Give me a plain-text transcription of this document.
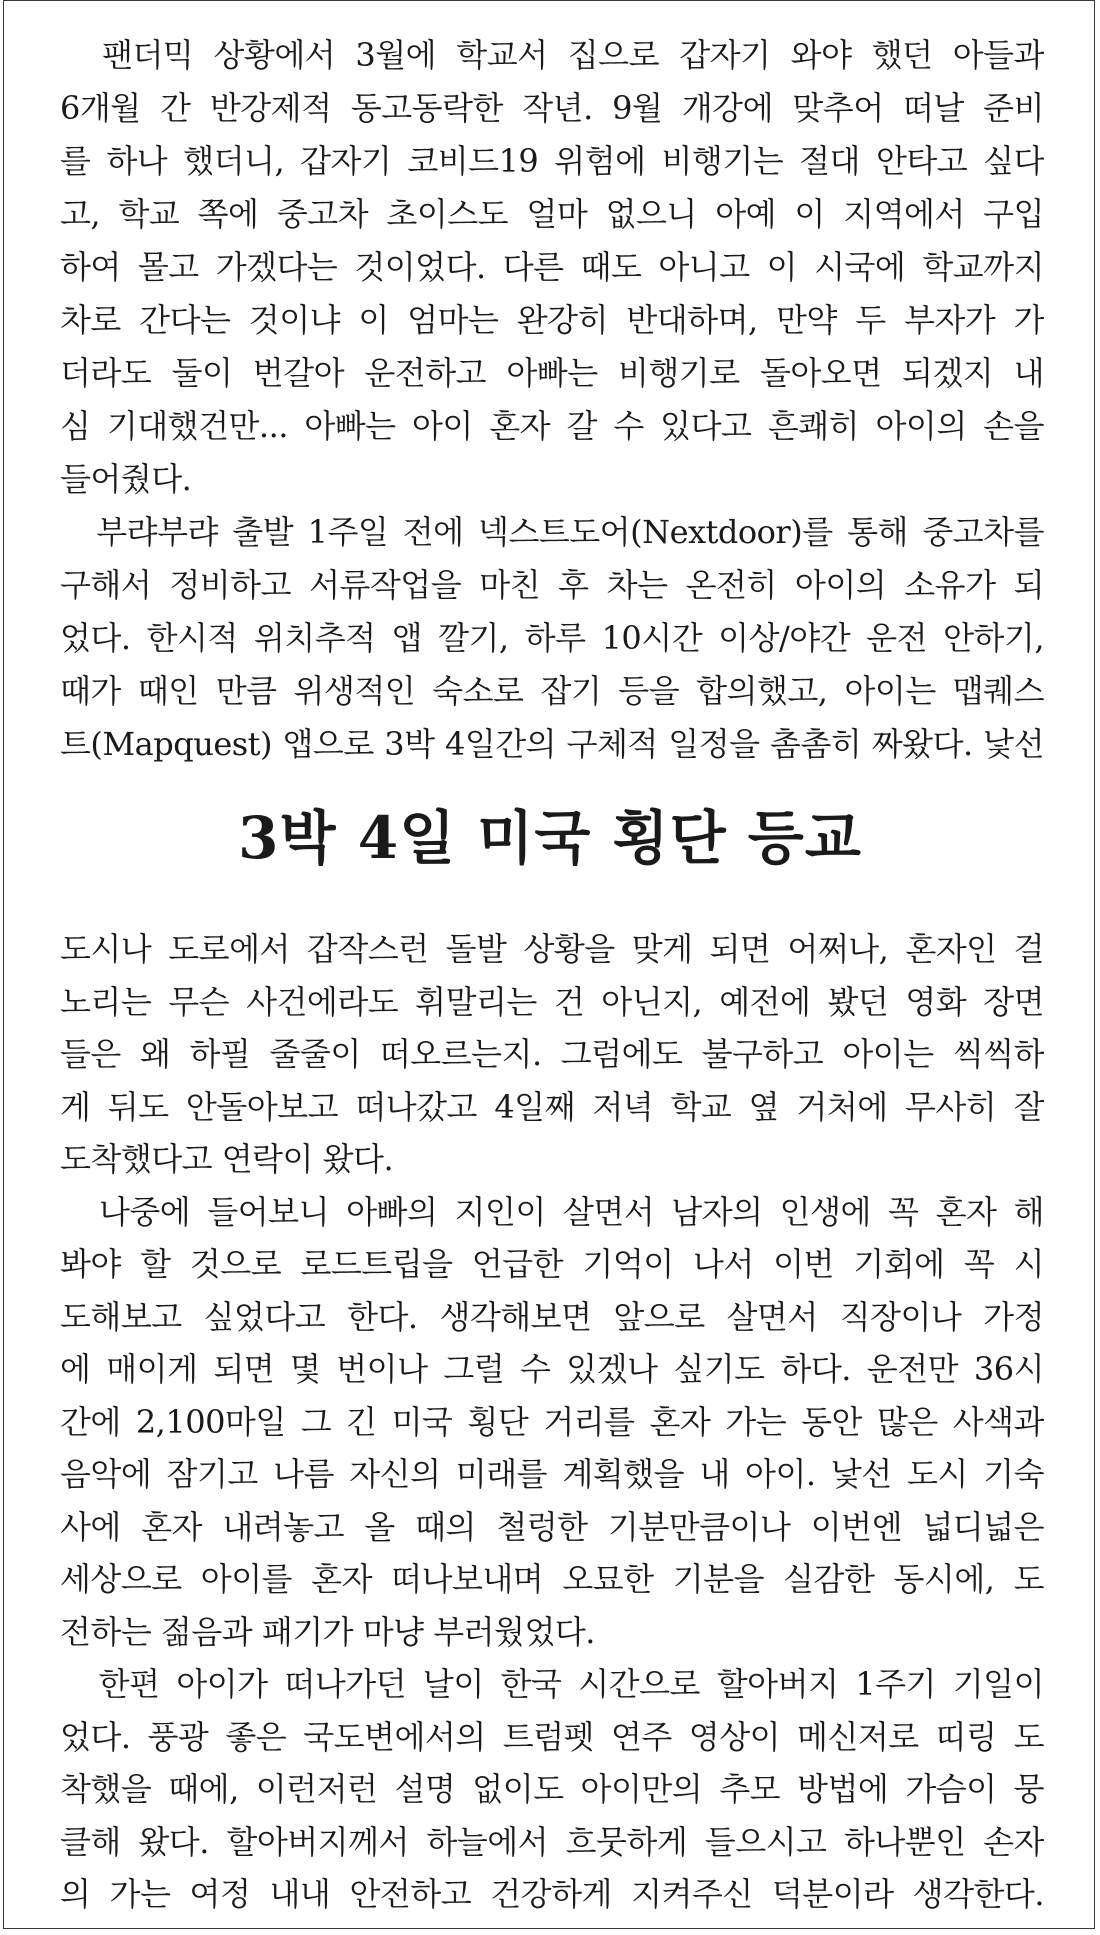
　팬더믹 상황에서 3월에 학교서 집으로 갑자기 와야 했던 아들과
6개월 간 반강제적 동고동락한 작년. 9월 개강에 맞추어 떠날 준비
를 하나 했더니, 갑자기 코비드19 위험에 비행기는 절대 안타고 싶다
고, 학교 쪽에 중고차 초이스도 얼마 없으니 아예 이 지역에서 구입
하여 몰고 가겠다는 것이었다. 다른 때도 아니고 이 시국에 학교까지
차로 간다는 것이냐 이 엄마는 완강히 반대하며, 만약 두 부자가 가
더라도 둘이 번갈아 운전하고 아빠는 비행기로 돌아오면 되겠지 내
심 기대했건만... 아빠는 아이 혼자 갈 수 있다고 흔쾌히 아이의 손을
들어줬다.
　부랴부랴 출발 1주일 전에 넥스트도어(Nextdoor)를 통해 중고차를
구해서 정비하고 서류작업을 마친 후 차는 온전히 아이의 소유가 되
었다. 한시적 위치추적 앱 깔기, 하루 10시간 이상/야간 운전 안하기,
때가 때인 만큼 위생적인 숙소로 잡기 등을 합의했고, 아이는 맵퀘스
트(Mapquest) 앱으로 3박 4일간의 구체적 일정을 촘촘히 짜왔다. 낯선
3박 4일 미국 횡단 등교
도시나 도로에서 갑작스런 돌발 상황을 맞게 되면 어쩌나, 혼자인 걸
노리는 무슨 사건에라도 휘말리는 건 아닌지, 예전에 봤던 영화 장면
들은 왜 하필 줄줄이 떠오르는지. 그럼에도 불구하고 아이는 씩씩하
게 뒤도 안돌아보고 떠나갔고 4일째 저녁 학교 옆 거처에 무사히 잘
도착했다고 연락이 왔다.
　나중에 들어보니 아빠의 지인이 살면서 남자의 인생에 꼭 혼자 해
봐야 할 것으로 로드트립을 언급한 기억이 나서 이번 기회에 꼭 시
도해보고 싶었다고 한다. 생각해보면 앞으로 살면서 직장이나 가정
에 매이게 되면 몇 번이나 그럴 수 있겠나 싶기도 하다. 운전만 36시
간에 2,100마일 그 긴 미국 횡단 거리를 혼자 가는 동안 많은 사색과
음악에 잠기고 나름 자신의 미래를 계획했을 내 아이. 낯선 도시 기숙
사에 혼자 내려놓고 올 때의 철렁한 기분만큼이나 이번엔 넓디넓은
세상으로 아이를 혼자 떠나보내며 오묘한 기분을 실감한 동시에, 도
전하는 젊음과 패기가 마냥 부러웠었다.
　한편 아이가 떠나가던 날이 한국 시간으로 할아버지 1주기 기일이
었다. 풍광 좋은 국도변에서의 트럼펫 연주 영상이 메신저로 띠링 도
착했을 때에, 이런저런 설명 없이도 아이만의 추모 방법에 가슴이 뭉
클해 왔다. 할아버지께서 하늘에서 흐뭇하게 들으시고 하나뿐인 손자
의 가는 여정 내내 안전하고 건강하게 지켜주신 덕분이라 생각한다.
